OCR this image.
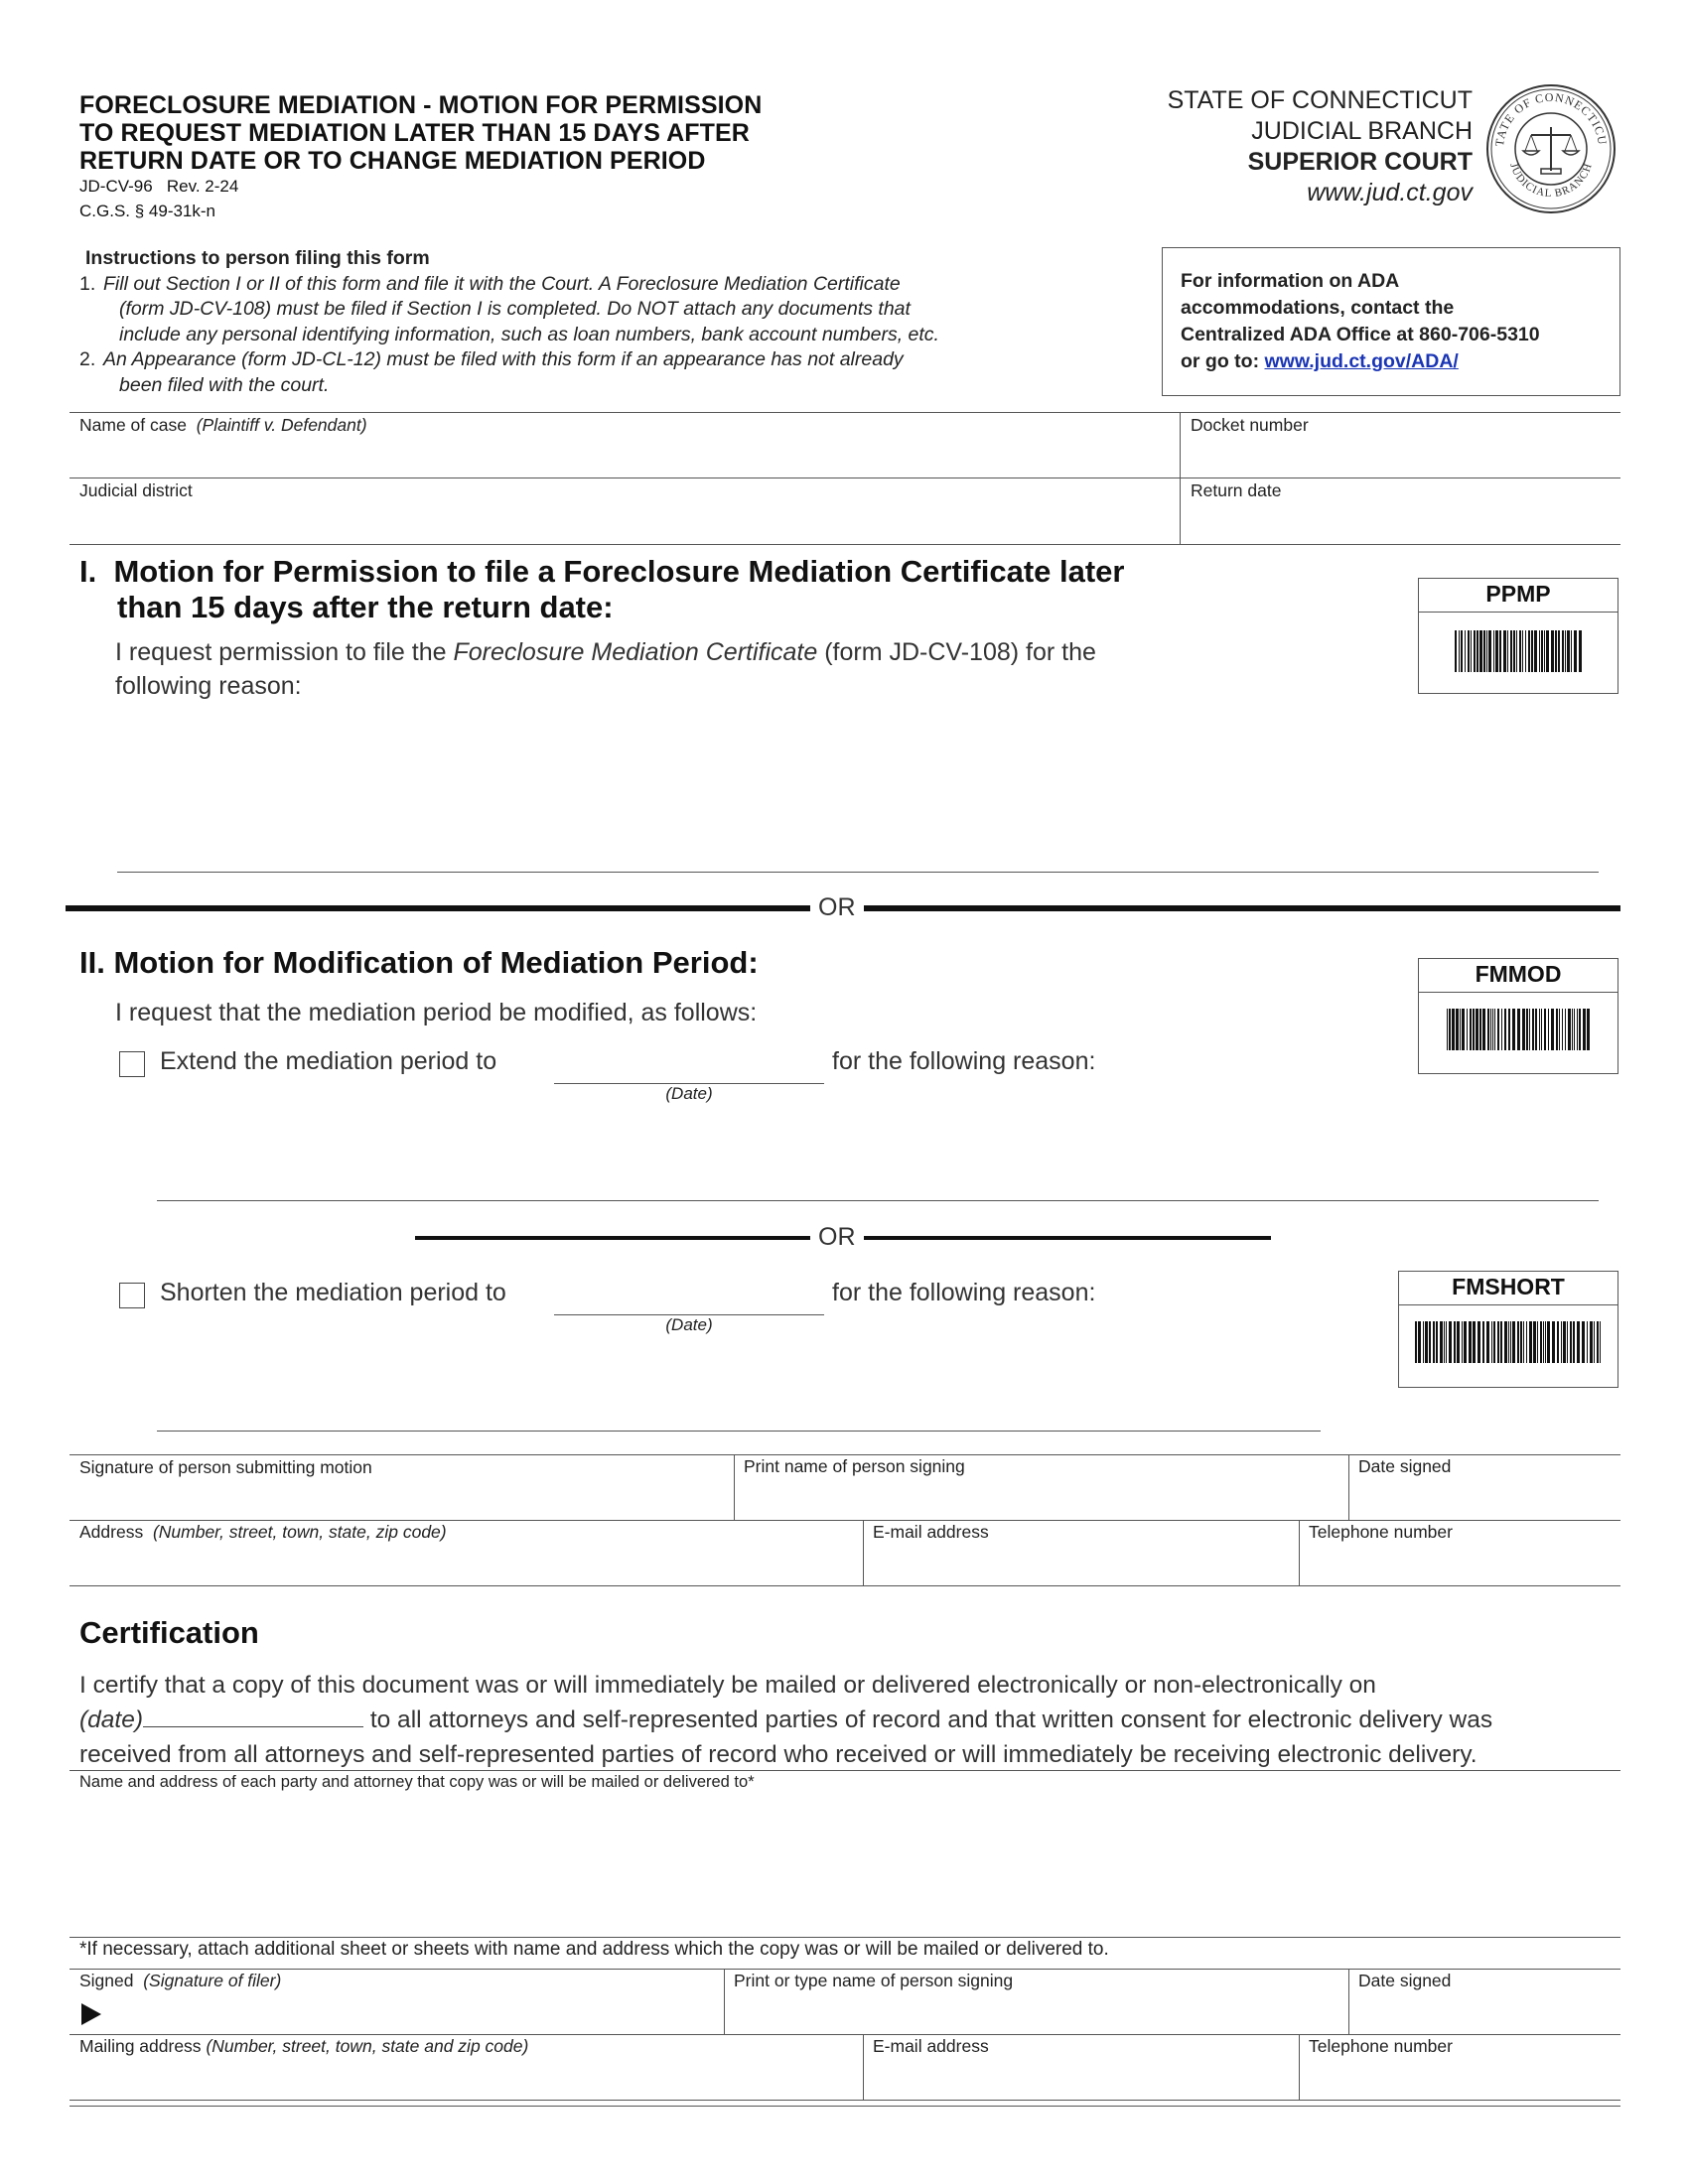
FORECLOSURE MEDIATION - MOTION FOR PERMISSION
TO REQUEST MEDIATION LATER THAN 15 DAYS AFTER
RETURN DATE OR TO CHANGE MEDIATION PERIOD
JD-CV-96   Rev. 2-24
C.G.S. § 49-31k-n
STATE OF CONNECTICUT
JUDICIAL BRANCH
SUPERIOR COURT
www.jud.ct.gov
TATE OF CONNECTICU
JUDICIAL BRANCH
Instructions to person filing this form
1. Fill out Section I or II of this form and file it with the Court. A Foreclosure Mediation Certificate
(form JD-CV-108) must be filed if Section I is completed. Do NOT attach any documents that
include any personal identifying information, such as loan numbers, bank account numbers, etc.
2. An Appearance (form JD-CL-12) must be filed with this form if an appearance has not already
been filed with the court.
For information on ADA
accommodations, contact the
Centralized ADA Office at 860-706-5310
or go to: www.jud.ct.gov/ADA/
Name of case (Plaintiff v. Defendant)	Docket number
Judicial district	Return date
I.  Motion for Permission to file a Foreclosure Mediation Certificate later
than 15 days after the return date:
I request permission to file the Foreclosure Mediation Certificate (form JD-CV-108) for the
following reason:
PPMP
OR
II. Motion for Modification of Mediation Period:
I request that the mediation period be modified, as follows:
FMMOD
Extend the mediation period to
(Date)
for the following reason:
OR
Shorten the mediation period to
(Date)
for the following reason:	FMSHORT
Signature of person submitting motion	Print name of person signing	Date signed
Address (Number, street, town, state, zip code)	E-mail address	Telephone number
Certification
I certify that a copy of this document was or will immediately be mailed or delivered electronically or non-electronically on
(date)	to all attorneys and self-represented parties of record and that written consent for electronic delivery was
received from all attorneys and self-represented parties of record who received or will immediately be receiving electronic delivery.
Name and address of each party and attorney that copy was or will be mailed or delivered to*
*If necessary, attach additional sheet or sheets with name and address which the copy was or will be mailed or delivered to.
Signed (Signature of filer)	Print or type name of person signing	Date signed
Mailing address (Number, street, town, state and zip code)	E-mail address	Telephone number
